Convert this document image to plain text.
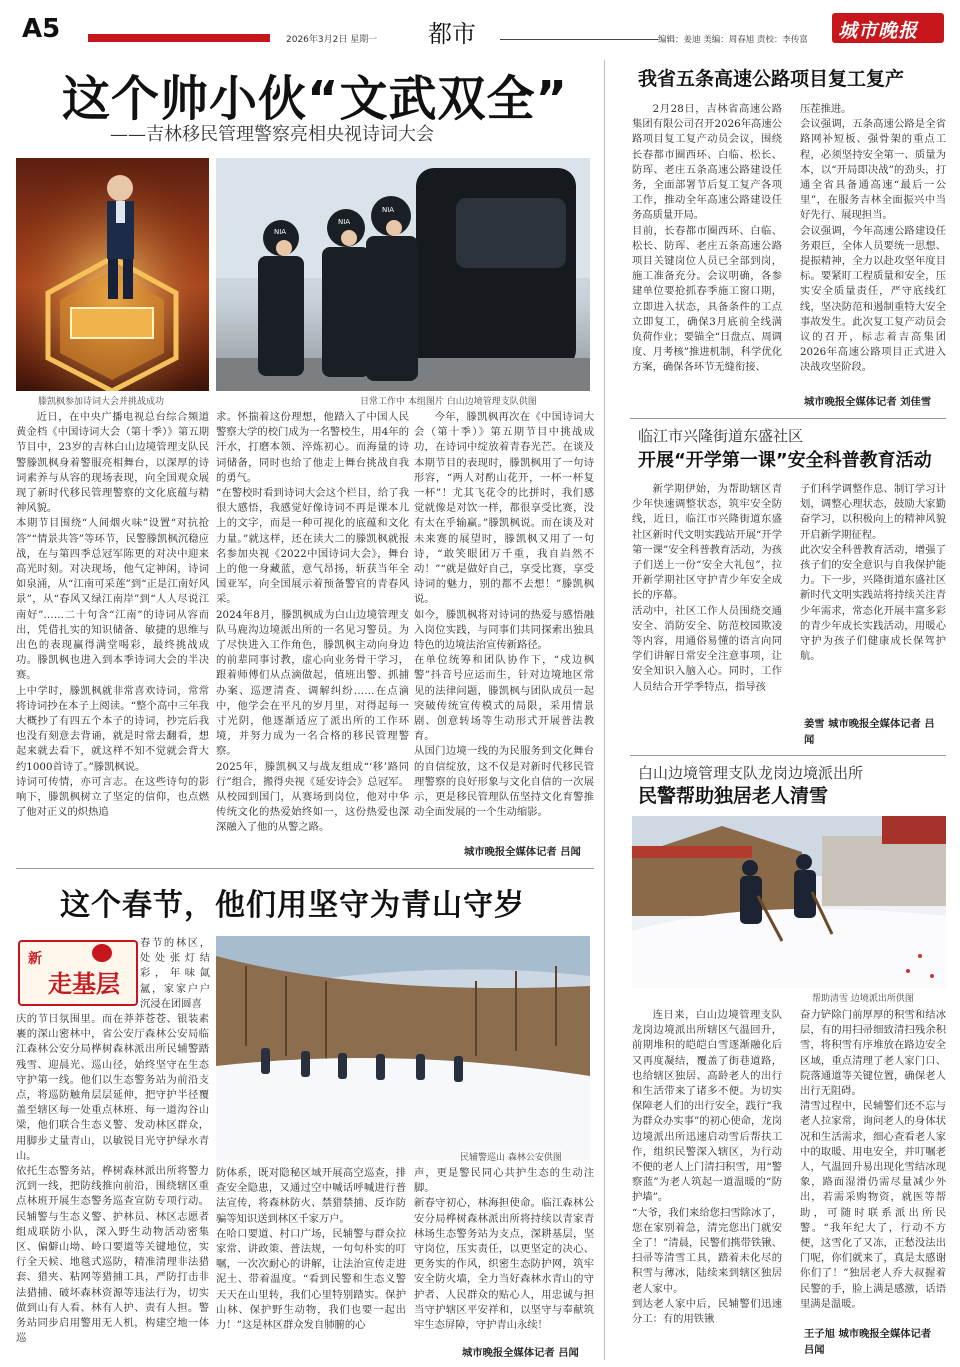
A5	2026年3月2日 星期一 都市	编辑：姜迪 美编：周春旭 责校：李传富 城市晚报
这个帅小伙“文武双全”
——吉林移民管理警察亮相央视诗词大会
滕凯枫参加诗词大会并挑战成功
NIA
NIA
NIA
日常工作中 本组图片 白山边境管理支队供图
近日，在中央广播电视总台综合频道黄金档《中国诗词大会（第十季）》第五期节目中，23岁的吉林白山边境管理支队民警滕凯枫身着警服亮相舞台，以深厚的诗词素养与从容的现场表现，向全国观众展现了新时代移民管理警察的文化底蕴与精神风貌。
本期节目围绕“人间烟火味”设置“对抗抢答”“情景共答”等环节，民警滕凯枫沉稳应战，在与第四季总冠军陈更的对决中迎来高光时刻。对决现场，他气定神闲，诗词如泉涌，从“江南可采莲”到“正是江南好风景”，从“春风又绿江南岸”到“人人尽说江南好”……二十句含“江南”的诗词从容而出，凭借扎实的知识储备、敏捷的思维与出色的表现赢得满堂喝彩，最终挑战成功。滕凯枫也进入到本季诗词大会的半决赛。
上中学时，滕凯枫就非常喜欢诗词，常常将诗词抄在本子上阅读。“整个高中三年我大概抄了有四五个本子的诗词，抄完后我也没有刻意去背诵，就是时常去翻看，想起来就去看下，就这样不知不觉就会背大约1000首诗了。”滕凯枫说。
诗词可传情，亦可言志。在这些诗句的影响下，滕凯枫树立了坚定的信仰，也点燃了他对正义的炽热追
求。怀揣着这份理想，他踏入了中国人民警察大学的校门成为一名警校生，用4年的汗水，打磨本领、淬炼初心。而海量的诗词储备，同时也给了他走上舞台挑战自我的勇气。
“在警校时看到诗词大会这个栏目，给了我很大感悟，我感觉好像诗词不再是课本儿上的文字，而是一种可视化的底蕴和文化力量。”就这样，还在读大二的滕凯枫就报名参加央视《2022中国诗词大会》，舞台上的他一身藏蓝，意气昂扬，斩获当年全国亚军，向全国展示着预备警官的青春风采。
2024年8月，滕凯枫成为白山边境管理支队马鹿沟边境派出所的一名见习警员。为了尽快进入工作角色，滕凯枫主动向身边的前辈同事讨教，虚心向业务骨干学习，跟着师傅们从点滴做起，值班出警、抓捕办案、巡逻清查、调解纠纷……在点滴中，他学会在平凡的岁月里，对得起每一寸光阴，他逐渐适应了派出所的工作环境，并努力成为一名合格的移民管理警察。
2025年，滕凯枫又与战友组成“‘移’路同行”组合，搬得央视《延安诗会》总冠军。从校园到国门，从赛场到岗位，他对中华传统文化的热爱始终如一，这份热爱也深深融入了他的从警之路。
今年，滕凯枫再次在《中国诗词大会（第十季）》第五期节目中挑战成功，在诗词中绽放着青春光芒。在谈及本期节目的表现时，滕凯枫用了一句诗形容，“两人对酌山花开，一杯一杯复一杯”！尤其飞花令的比拼时，我们感觉就像是对饮一样，都很享受比赛，没有太在乎输赢。”滕凯枫说。而在谈及对未来赛的展望时，滕凯枫又用了一句诗，“敢笑眼团万千重，我自岿然不动！”“就是做好自己，享受比赛，享受诗词的魅力，别的都不去想！”滕凯枫说。
如今，滕凯枫将对诗词的热爱与感悟融入岗位实践，与同事们共同探索出独具特色的边境法治宣传新路径。
在单位统筹和团队协作下，“戍边枫警”抖音号应运而生，针对边境地区常见的法律问题，滕凯枫与团队成员一起突破传统宣传模式的局限，采用情景剧、创意转场等生动形式开展普法教育。
从国门边境一线的为民服务到文化舞台的自信绽放，这不仅是对新时代移民管理警察的良好形象与文化自信的一次展示，更是移民管理队伍坚持文化育警推动全面发展的一个生动缩影。
城市晚报全媒体记者 吕闻
我省五条高速公路项目复工复产
2月28日，吉林省高速公路集团有限公司召开2026年高速公路项目复工复产动员会议，围绕长春都市圈西环、白临、松长、防珲、老庄五条高速公路建设任务，全面部署节后复工复产各项工作，推动全年高速公路建设任务高质量开局。
目前，长春都市圈西环、白临、松长、防珲、老庄五条高速公路项目关键岗位人员已全部到岗，施工准备充分。会议明确，各参建单位要抢抓春季施工窗口期，立即进入状态，具备条件的工点立即复工，确保3月底前全线满负荷作业；要锚全“日盘点、周调度、月考核”推进机制，科学优化方案，确保各环节无缝衔接、
压茬推进。
会议强调，五条高速公路是全省路网补短板、强骨架的重点工程，必须坚持安全第一、质量为本，以“开局即决战”的劲头，打通全省具备通高速“最后一公里”，在服务吉林全面振兴中当好先行、展现担当。
会议强调，今年高速公路建设任务艰巨，全体人员要统一思想、提振精神，全力以赴攻坚年度目标。要紧盯工程质量和安全，压实安全质量责任，严守底线红线，坚决防范和遏制重特大安全事故发生。此次复工复产动员会议的召开，标志着吉高集团2026年高速公路项目正式进入决战攻坚阶段。
城市晚报全媒体记者 刘佳雪
临江市兴隆街道东盛社区
开展“开学第一课”安全科普教育活动
新学期伊始，为帮助辖区青少年快速调整状态，筑牢安全防线，近日，临江市兴隆街道东盛社区新时代文明实践站开展“开学第一课”安全科普教育活动，为孩子们送上一份“安全大礼包”，拉开新学期社区守护青少年安全成长的序幕。
活动中，社区工作人员围绕交通安全、消防安全、防范校园欺凌等内容，用通俗易懂的语言向同学们讲解日常安全注意事项，让安全知识入脑入心。同时，工作人员结合开学季特点，指导孩
子们科学调整作息、制订学习计划，调整心理状态，鼓励大家勤奋学习，以积极向上的精神风貌开启新学期征程。
此次安全科普教育活动，增强了孩子们的安全意识与自我保护能力。下一步，兴隆街道东盛社区新时代文明实践站将持续关注青少年需求，常态化开展丰富多彩的青少年成长实践活动，用暖心守护为孩子们健康成长保驾护航。
姜雪 城市晚报全媒体记者 吕闻
白山边境管理支队龙岗边境派出所
民警帮助独居老人清雪
帮助清雪 边境派出所供图
连日来，白山边境管理支队龙岗边境派出所辖区气温回升，前期堆积的皑皑白雪逐渐融化后又再度凝结，覆盖了街巷道路，也给辖区独居、高龄老人的出行和生活带来了诸多不便。为切实保障老人们的出行安全，践行“我为群众办实事”的初心使命，龙岗边境派出所迅速启动雪后帮扶工作，组织民警深入辖区，为行动不便的老人上门清扫积雪，用“警察蓝”为老人筑起一道温暖的“防护墙”。
“大爷，我们来给您扫雪除冰了，您在家别着急，清完您出门就安全了！”清晨，民警们携带铁锹、扫帚等清雪工具，踏着未化尽的积雪与薄冰，陆续来到辖区独居老人家中。
到达老人家中后，民辅警们迅速分工：有的用铁锹
奋力铲除门前厚厚的积雪和结冰层，有的用扫帚细致清扫残余积雪，将积雪有序堆放在路边安全区域，重点清理了老人家门口、院落通道等关键位置，确保老人出行无阻碍。
清雪过程中，民辅警们还不忘与老人拉家常，询问老人的身体状况和生活需求，细心查看老人家中的取暖、用电安全，并叮嘱老人，气温回升易出现化雪结冰现象，路面湿滑仍需尽量减少外出，若需采购物资，就医等帮助，可随时联系派出所民警。“我年纪大了，行动不方便，这雪化了又冻，正愁没法出门呢，你们就来了，真是太感谢你们了！”独居老人乔大叔握着民警的手，脸上满是感激，话语里满是温暖。
王子旭 城市晚报全媒体记者 吕闻
这个春节，他们用坚守为青山守岁
新
走基层
春节的林区，处处张灯结彩，年味氤氲，家家户户沉浸在团圆喜
民辅警巡山 森林公安供图
庆的节日氛围里。而在莽莽苍苍、银装素裹的深山密林中，省公安厅森林公安局临江森林公安分局桦树森林派出所民辅警踏残雪、迎晨光、巡山径，始终坚守在生态守护第一线。他们以生态警务站为前沿支点，将巡防触角层层延伸，把守护半径覆盖至辖区每一处重点林班、每一道沟谷山梁，他们联合生态义警、发动林区群众，用脚步丈量青山，以敏锐目光守护绿水青山。
依托生态警务站，桦树森林派出所将警力沉到一线，把防线推向前沿，围绕辖区重点林班开展生态警务巡查宣防专项行动。民辅警与生态义警、护林员、林区志愿者组成联防小队，深入野生动物活动密集区、偏僻山坳、岭口要道等关键地位，实行全天候、地毯式巡防，精准清理非法猎套、猎夹、粘网等猎捕工具，严防打击非法猎捕、破坏森林资源等违法行为，切实做到山有人看、林有人护、责有人担。警务站同步启用警用无人机，构建空地一体巡
防体系，既对隐秘区域开展高空巡查，排查安全隐患，又通过空中喊话呼喊进行普法宣传，将森林防火、禁猎禁捕、反诈防骗等知识送到林区千家万户。
在哈口要道、村口广场，民辅警与群众拉家常、讲政策、普法规，一句句朴实的叮嘱，一次次耐心的讲解，让法治宣传走进泥土、带着温度。“看到民警和生态义警天天在山里转，我们心里特别踏实。保护山林、保护野生动物，我们也要一起出力！”这是林区群众发自肺腑的心
声，更是警民同心共护生态的生动注脚。
新春守初心，林海担使命。临江森林公安分局桦树森林派出所将持续以青家青林场生态警务站为支点，深耕基层，坚守岗位，压实责任，以更坚定的决心、更务实的作风，织密生态防护网，筑牢安全防火墙，全力当好森林水青山的守护者、人民群众的贴心人，用忠诚与担当守护辖区平安祥和，以坚守与奉献筑牢生态屏障，守护青山永续！
城市晚报全媒体记者 吕闻
